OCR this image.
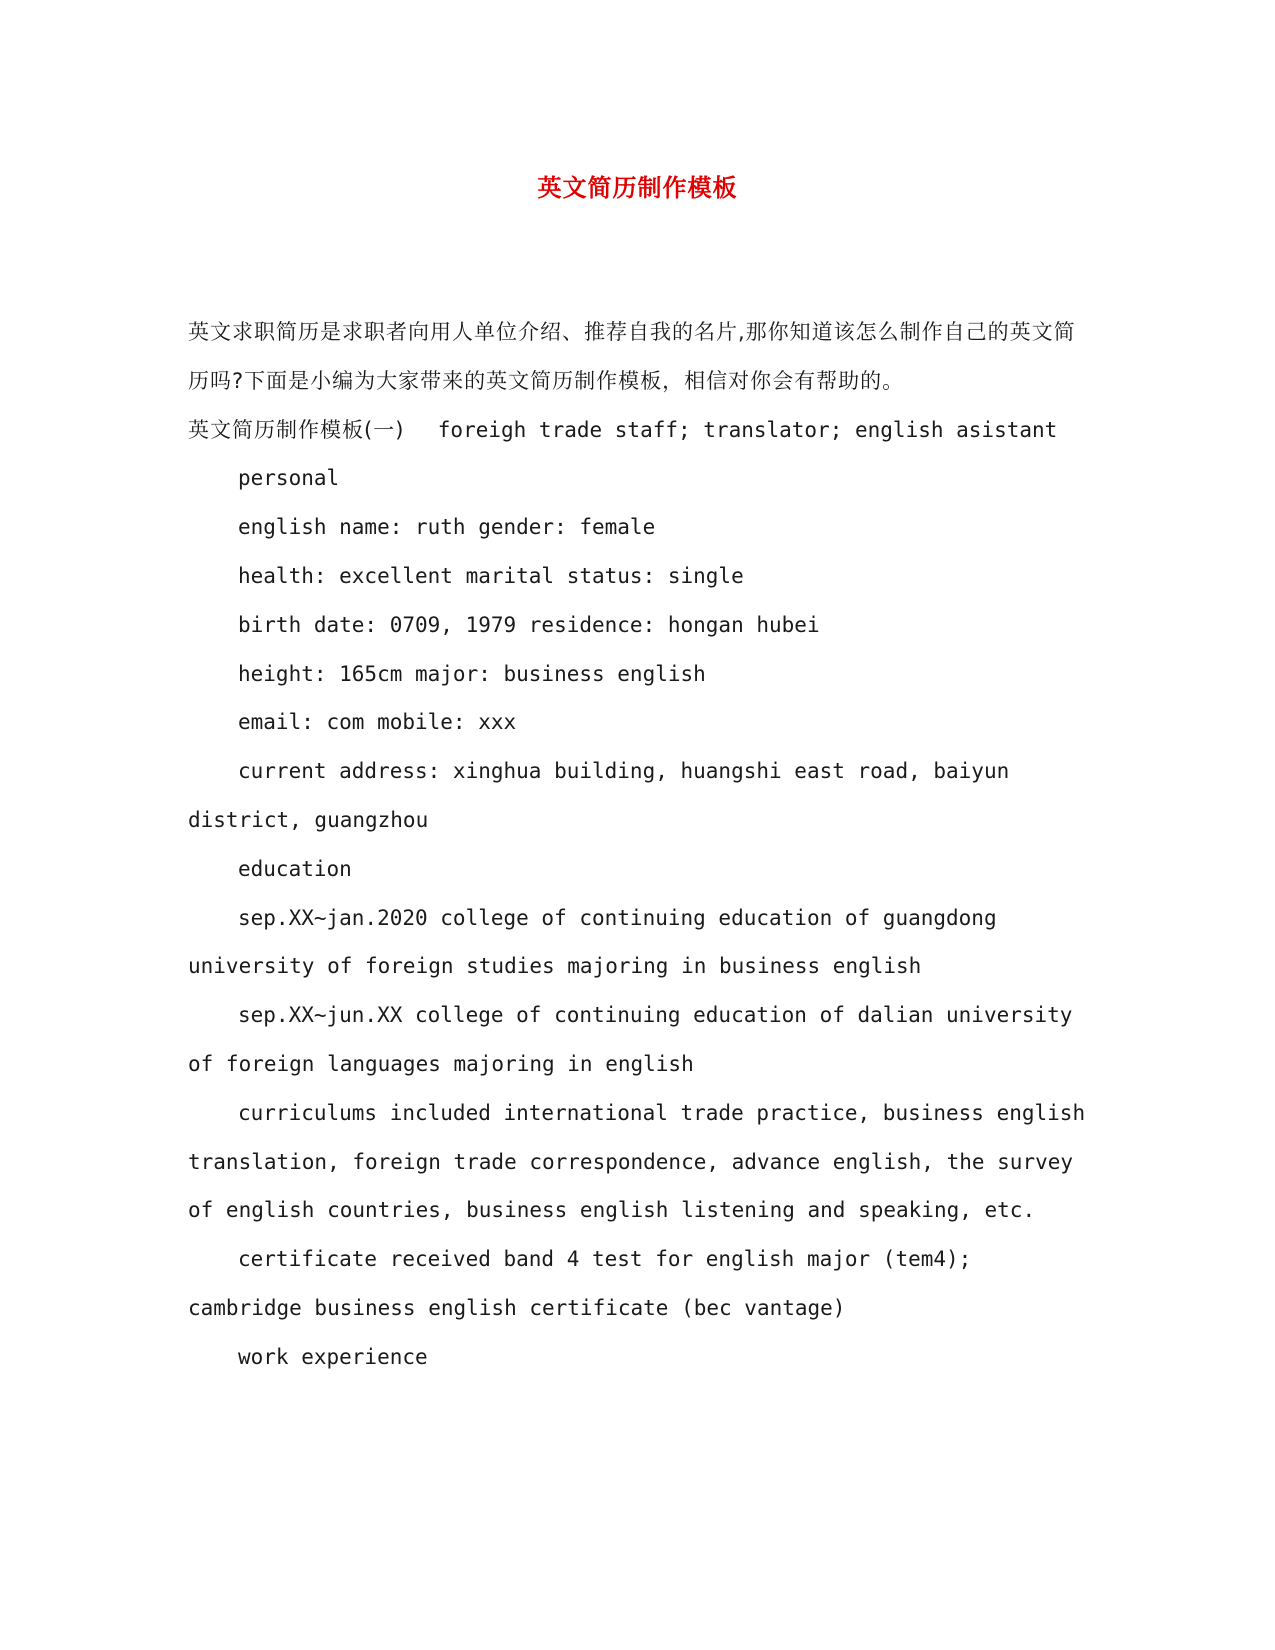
英文简历制作模板

英文求职简历是求职者向用人单位介绍、推荐自我的名片,那你知道该怎么制作自己的英文简历吗?下面是小编为大家带来的英文简历制作模板，相信对你会有帮助的。

英文简历制作模板(一) foreigh trade staff; translator; english asistant

personal

english name: ruth gender: female

health: excellent marital status: single

birth date: 0709, 1979 residence: hongan hubei

height: 165cm major: business english

email: com mobile: xxx

current address: xinghua building, huangshi east road, baiyun district, guangzhou

education

sep.XX~jan.2020 college of continuing education of guangdong university of foreign studies majoring in business english

sep.XX~jun.XX college of continuing education of dalian university of foreign languages majoring in english

curriculums included international trade practice, business english translation, foreign trade correspondence, advance english, the survey of english countries, business english listening and speaking, etc.

certificate received band 4 test for english major (tem4); cambridge business english certificate (bec vantage)

work experience
